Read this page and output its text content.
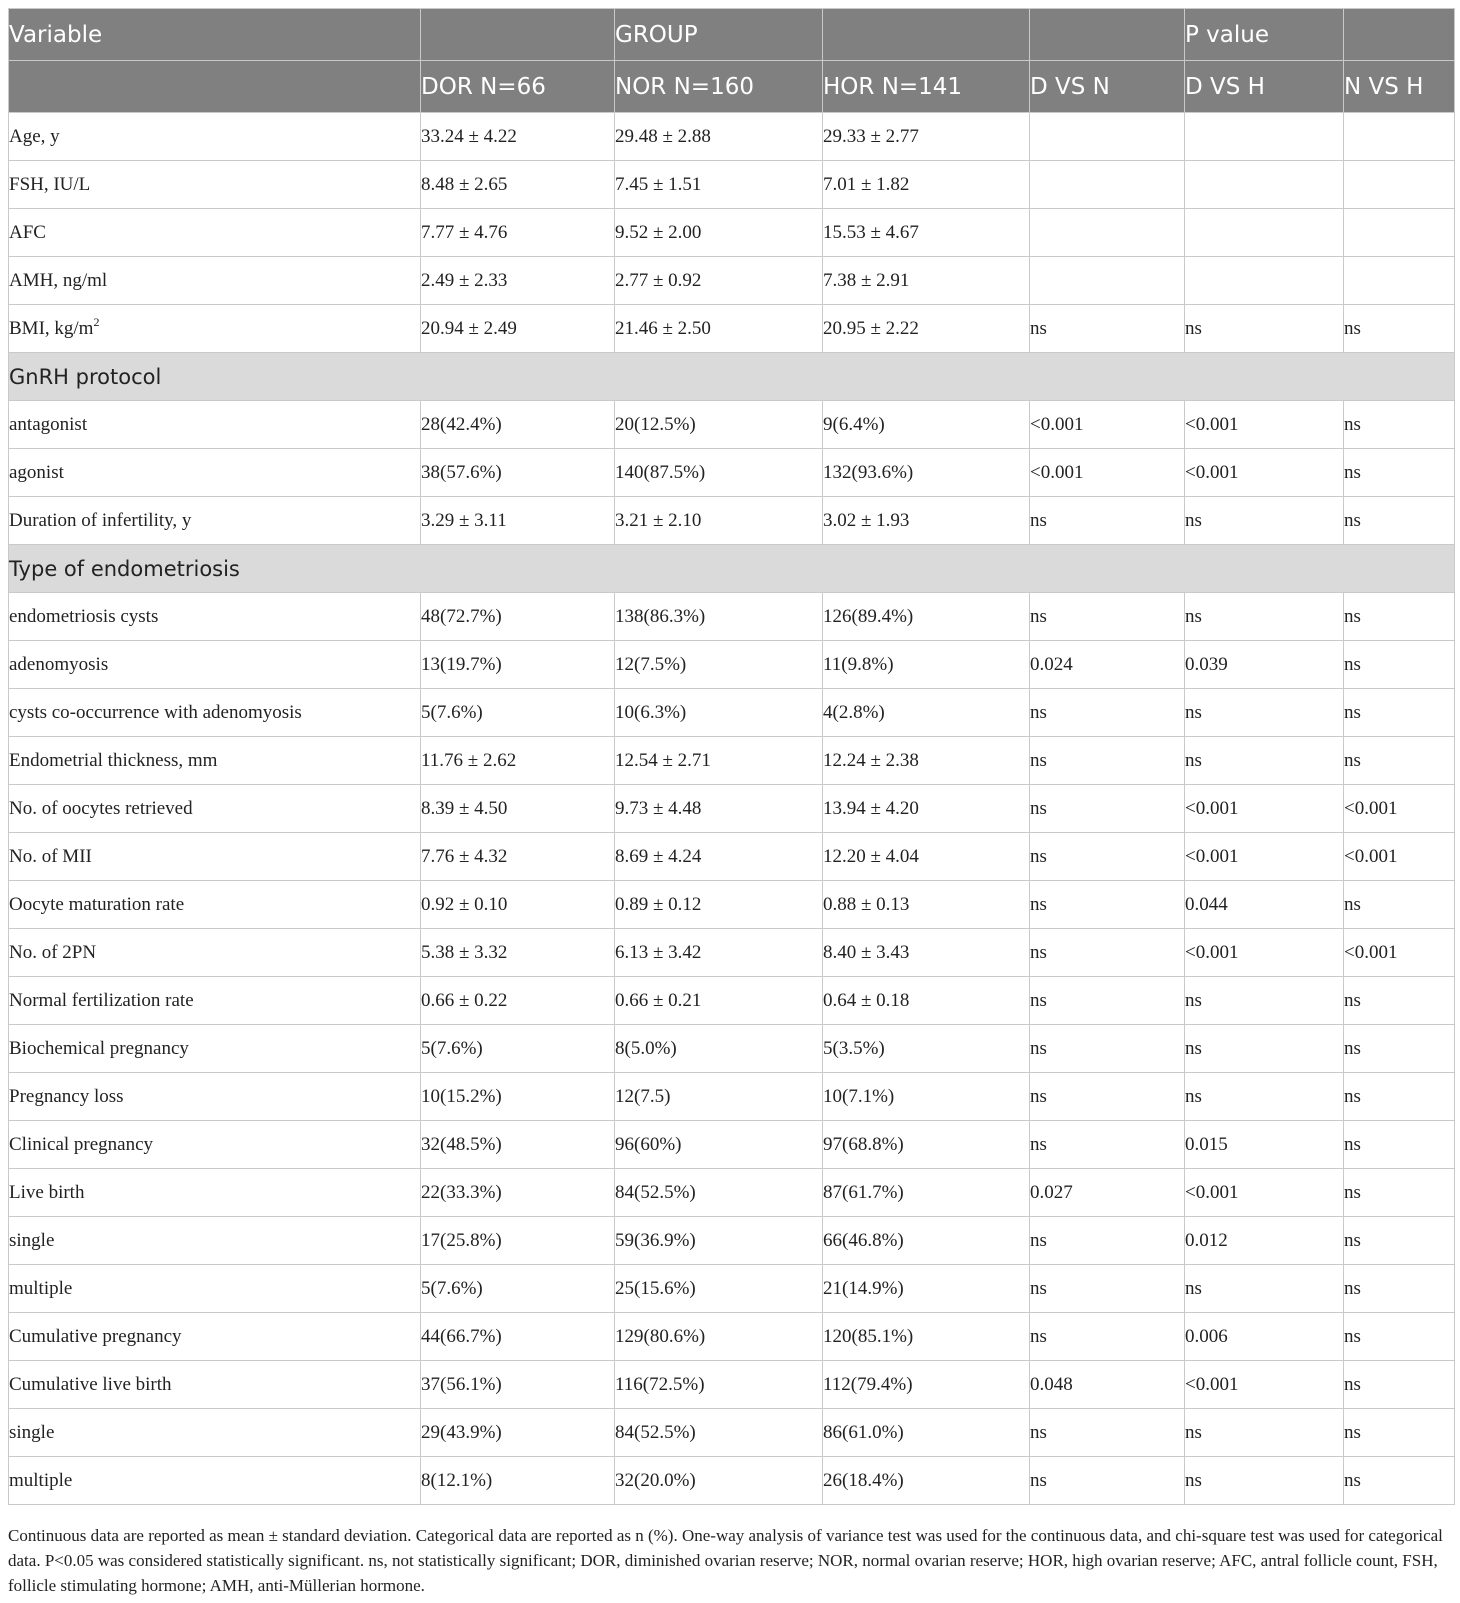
Variable		GROUP			P value	
	DOR N=66	NOR N=160	HOR N=141	D VS N	D VS H	N VS H
Age, y	33.24 ± 4.22	29.48 ± 2.88	29.33 ± 2.77			
FSH, IU/L	8.48 ± 2.65	7.45 ± 1.51	7.01 ± 1.82			
AFC	7.77 ± 4.76	9.52 ± 2.00	15.53 ± 4.67			
AMH, ng/ml	2.49 ± 2.33	2.77 ± 0.92	7.38 ± 2.91			
BMI, $kg/m^2$	20.94 ± 2.49	21.46 ± 2.50	20.95 ± 2.22	ns	ns	ns
GnRH protocol						
antagonist	28(42.4%)	20(12.5%)	9(6.4%)	<0.001	<0.001	ns
agonist	38(57.6%)	140(87.5%)	132(93.6%)	<0.001	<0.001	ns
Duration of infertility, y	3.29 ± 3.11	3.21 ± 2.10	3.02 ± 1.93	ns	ns	ns
Type of endometriosis						
endometriosis cysts	48(72.7%)	138(86.3%)	126(89.4%)	ns	ns	ns
adenomyosis	13(19.7%)	12(7.5%)	11(9.8%)	0.024	0.039	ns
cysts co-occurrence with adenomyosis	5(7.6%)	10(6.3%)	4(2.8%)	ns	ns	ns
Endometrial thickness, mm	11.76 ± 2.62	12.54 ± 2.71	12.24 ± 2.38	ns	ns	ns
No. of oocytes retrieved	8.39 ± 4.50	9.73 ± 4.48	13.94 ± 4.20	ns	<0.001	<0.001
No. of MII	7.76 ± 4.32	8.69 ± 4.24	12.20 ± 4.04	ns	<0.001	<0.001
Oocyte maturation rate	0.92 ± 0.10	0.89 ± 0.12	0.88 ± 0.13	ns	0.044	ns
No. of 2PN	5.38 ± 3.32	6.13 ± 3.42	8.40 ± 3.43	ns	<0.001	<0.001
Normal fertilization rate	0.66 ± 0.22	0.66 ± 0.21	0.64 ± 0.18	ns	ns	ns
Biochemical pregnancy	5(7.6%)	8(5.0%)	5(3.5%)	ns	ns	ns
Pregnancy loss	10(15.2%)	12(7.5)	10(7.1%)	ns	ns	ns
Clinical pregnancy	32(48.5%)	96(60%)	97(68.8%)	ns	0.015	ns
Live birth	22(33.3%)	84(52.5%)	87(61.7%)	0.027	<0.001	ns
single	17(25.8%)	59(36.9%)	66(46.8%)	ns	0.012	ns
multiple	5(7.6%)	25(15.6%)	21(14.9%)	ns	ns	ns
Cumulative pregnancy	44(66.7%)	129(80.6%)	120(85.1%)	ns	0.006	ns
Cumulative live birth	37(56.1%)	116(72.5%)	112(79.4%)	0.048	<0.001	ns
single	29(43.9%)	84(52.5%)	86(61.0%)	ns	ns	ns
multiple	8(12.1%)	32(20.0%)	26(18.4%)	ns	ns	ns

Continuous data are reported as mean ± standard deviation. Categorical data are reported as n (%). One-way analysis of variance test was used for the continuous data, and chi-square test was used for categorical data. P<0.05 was considered statistically significant. ns, not statistically significant; DOR, diminished ovarian reserve; NOR, normal ovarian reserve; HOR, high ovarian reserve; AFC, antral follicle count, FSH, follicle stimulating hormone; AMH, anti-Müllerian hormone.
